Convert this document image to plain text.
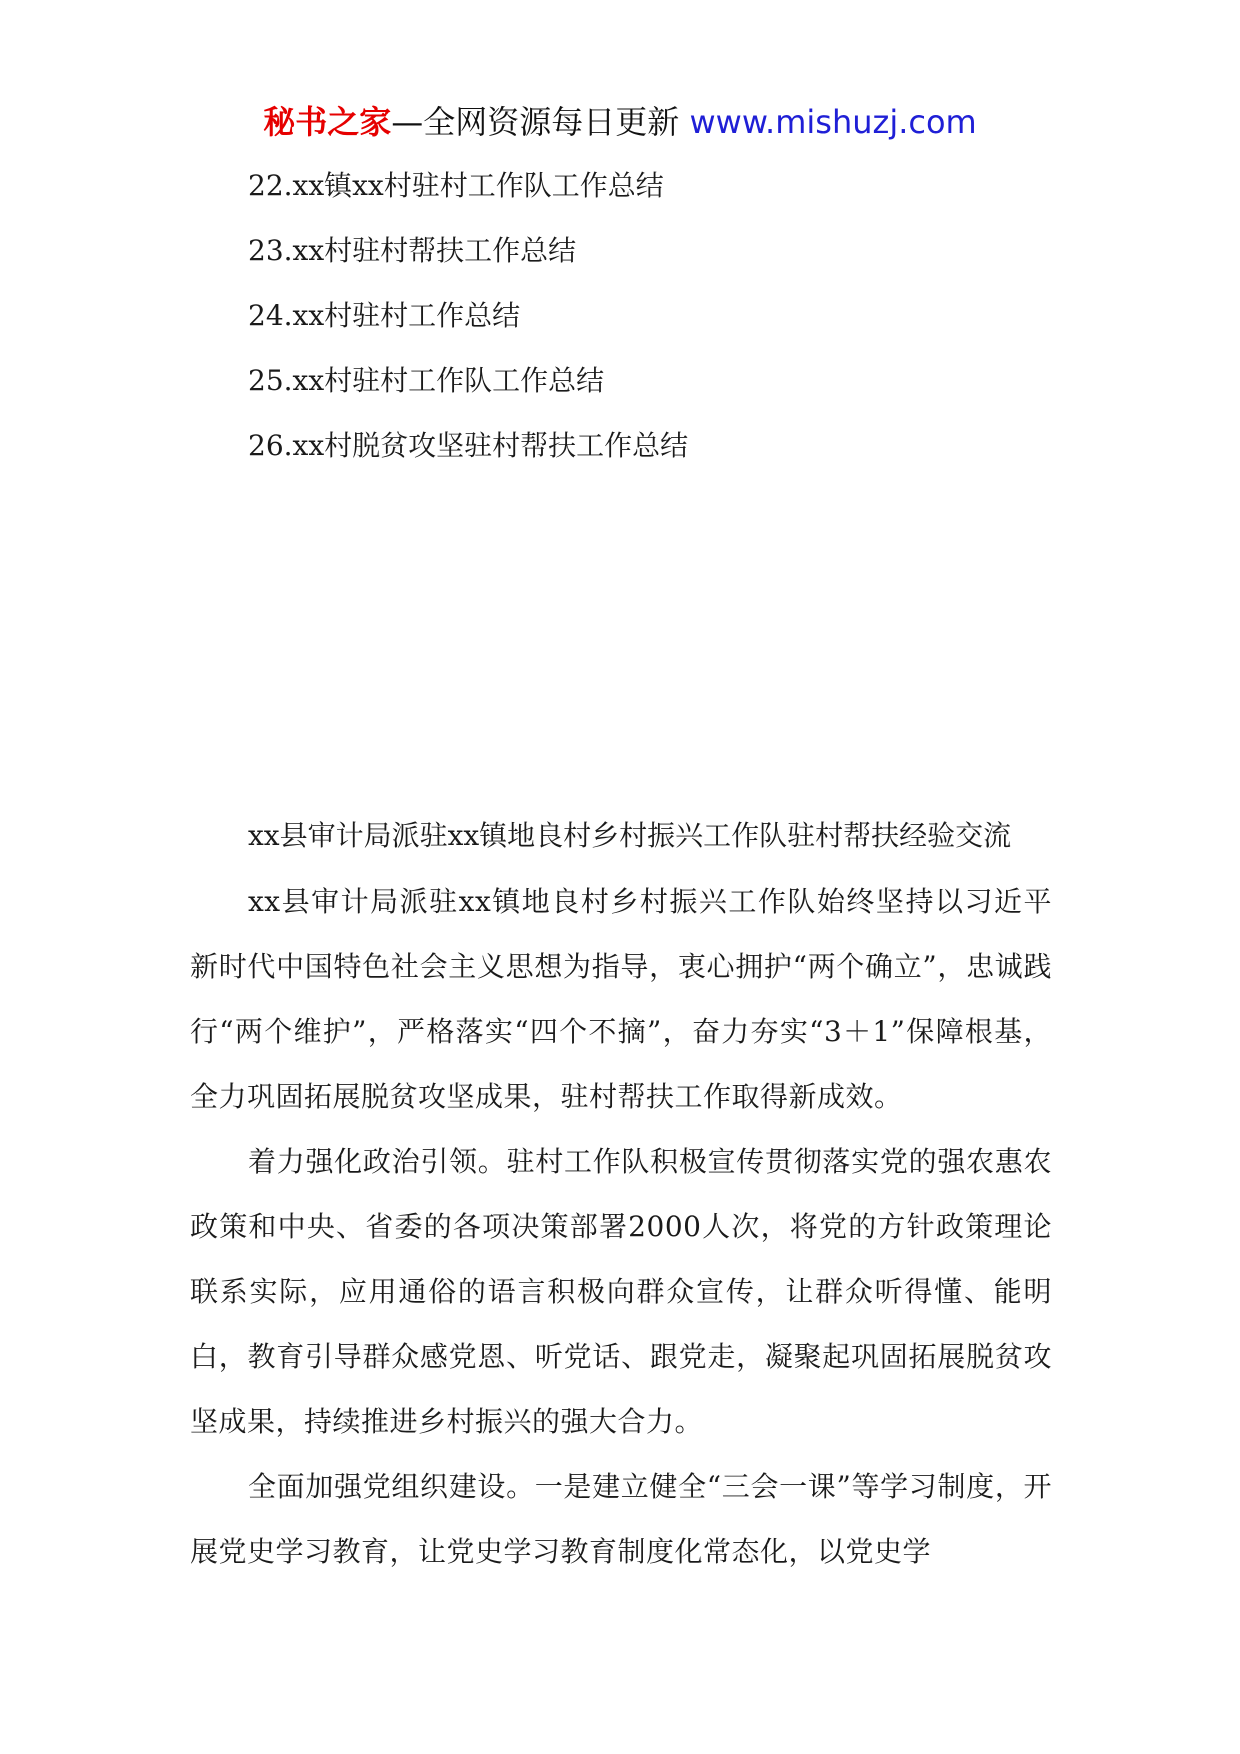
秘书之家—全网资源每日更新 www.mishuzj.com
22.xx镇xx村驻村工作队工作总结
23.xx村驻村帮扶工作总结
24.xx村驻村工作总结
25.xx村驻村工作队工作总结
26.xx村脱贫攻坚驻村帮扶工作总结
xx县审计局派驻xx镇地良村乡村振兴工作队驻村帮扶经验交流

xx县审计局派驻xx镇地良村乡村振兴工作队始终坚持以习近平新时代中国特色社会主义思想为指导，衷心拥护“两个确立”，忠诚践行“两个维护”，严格落实“四个不摘”，奋力夯实“3＋1”保障根基，全力巩固拓展脱贫攻坚成果，驻村帮扶工作取得新成效。

着力强化政治引领。驻村工作队积极宣传贯彻落实党的强农惠农政策和中央、省委的各项决策部署2000人次，将党的方针政策理论联系实际，应用通俗的语言积极向群众宣传，让群众听得懂、能明白，教育引导群众感党恩、听党话、跟党走，凝聚起巩固拓展脱贫攻坚成果，持续推进乡村振兴的强大合力。

全面加强党组织建设。一是建立健全“三会一课”等学习制度，开展党史学习教育，让党史学习教育制度化常态化，以党史学
